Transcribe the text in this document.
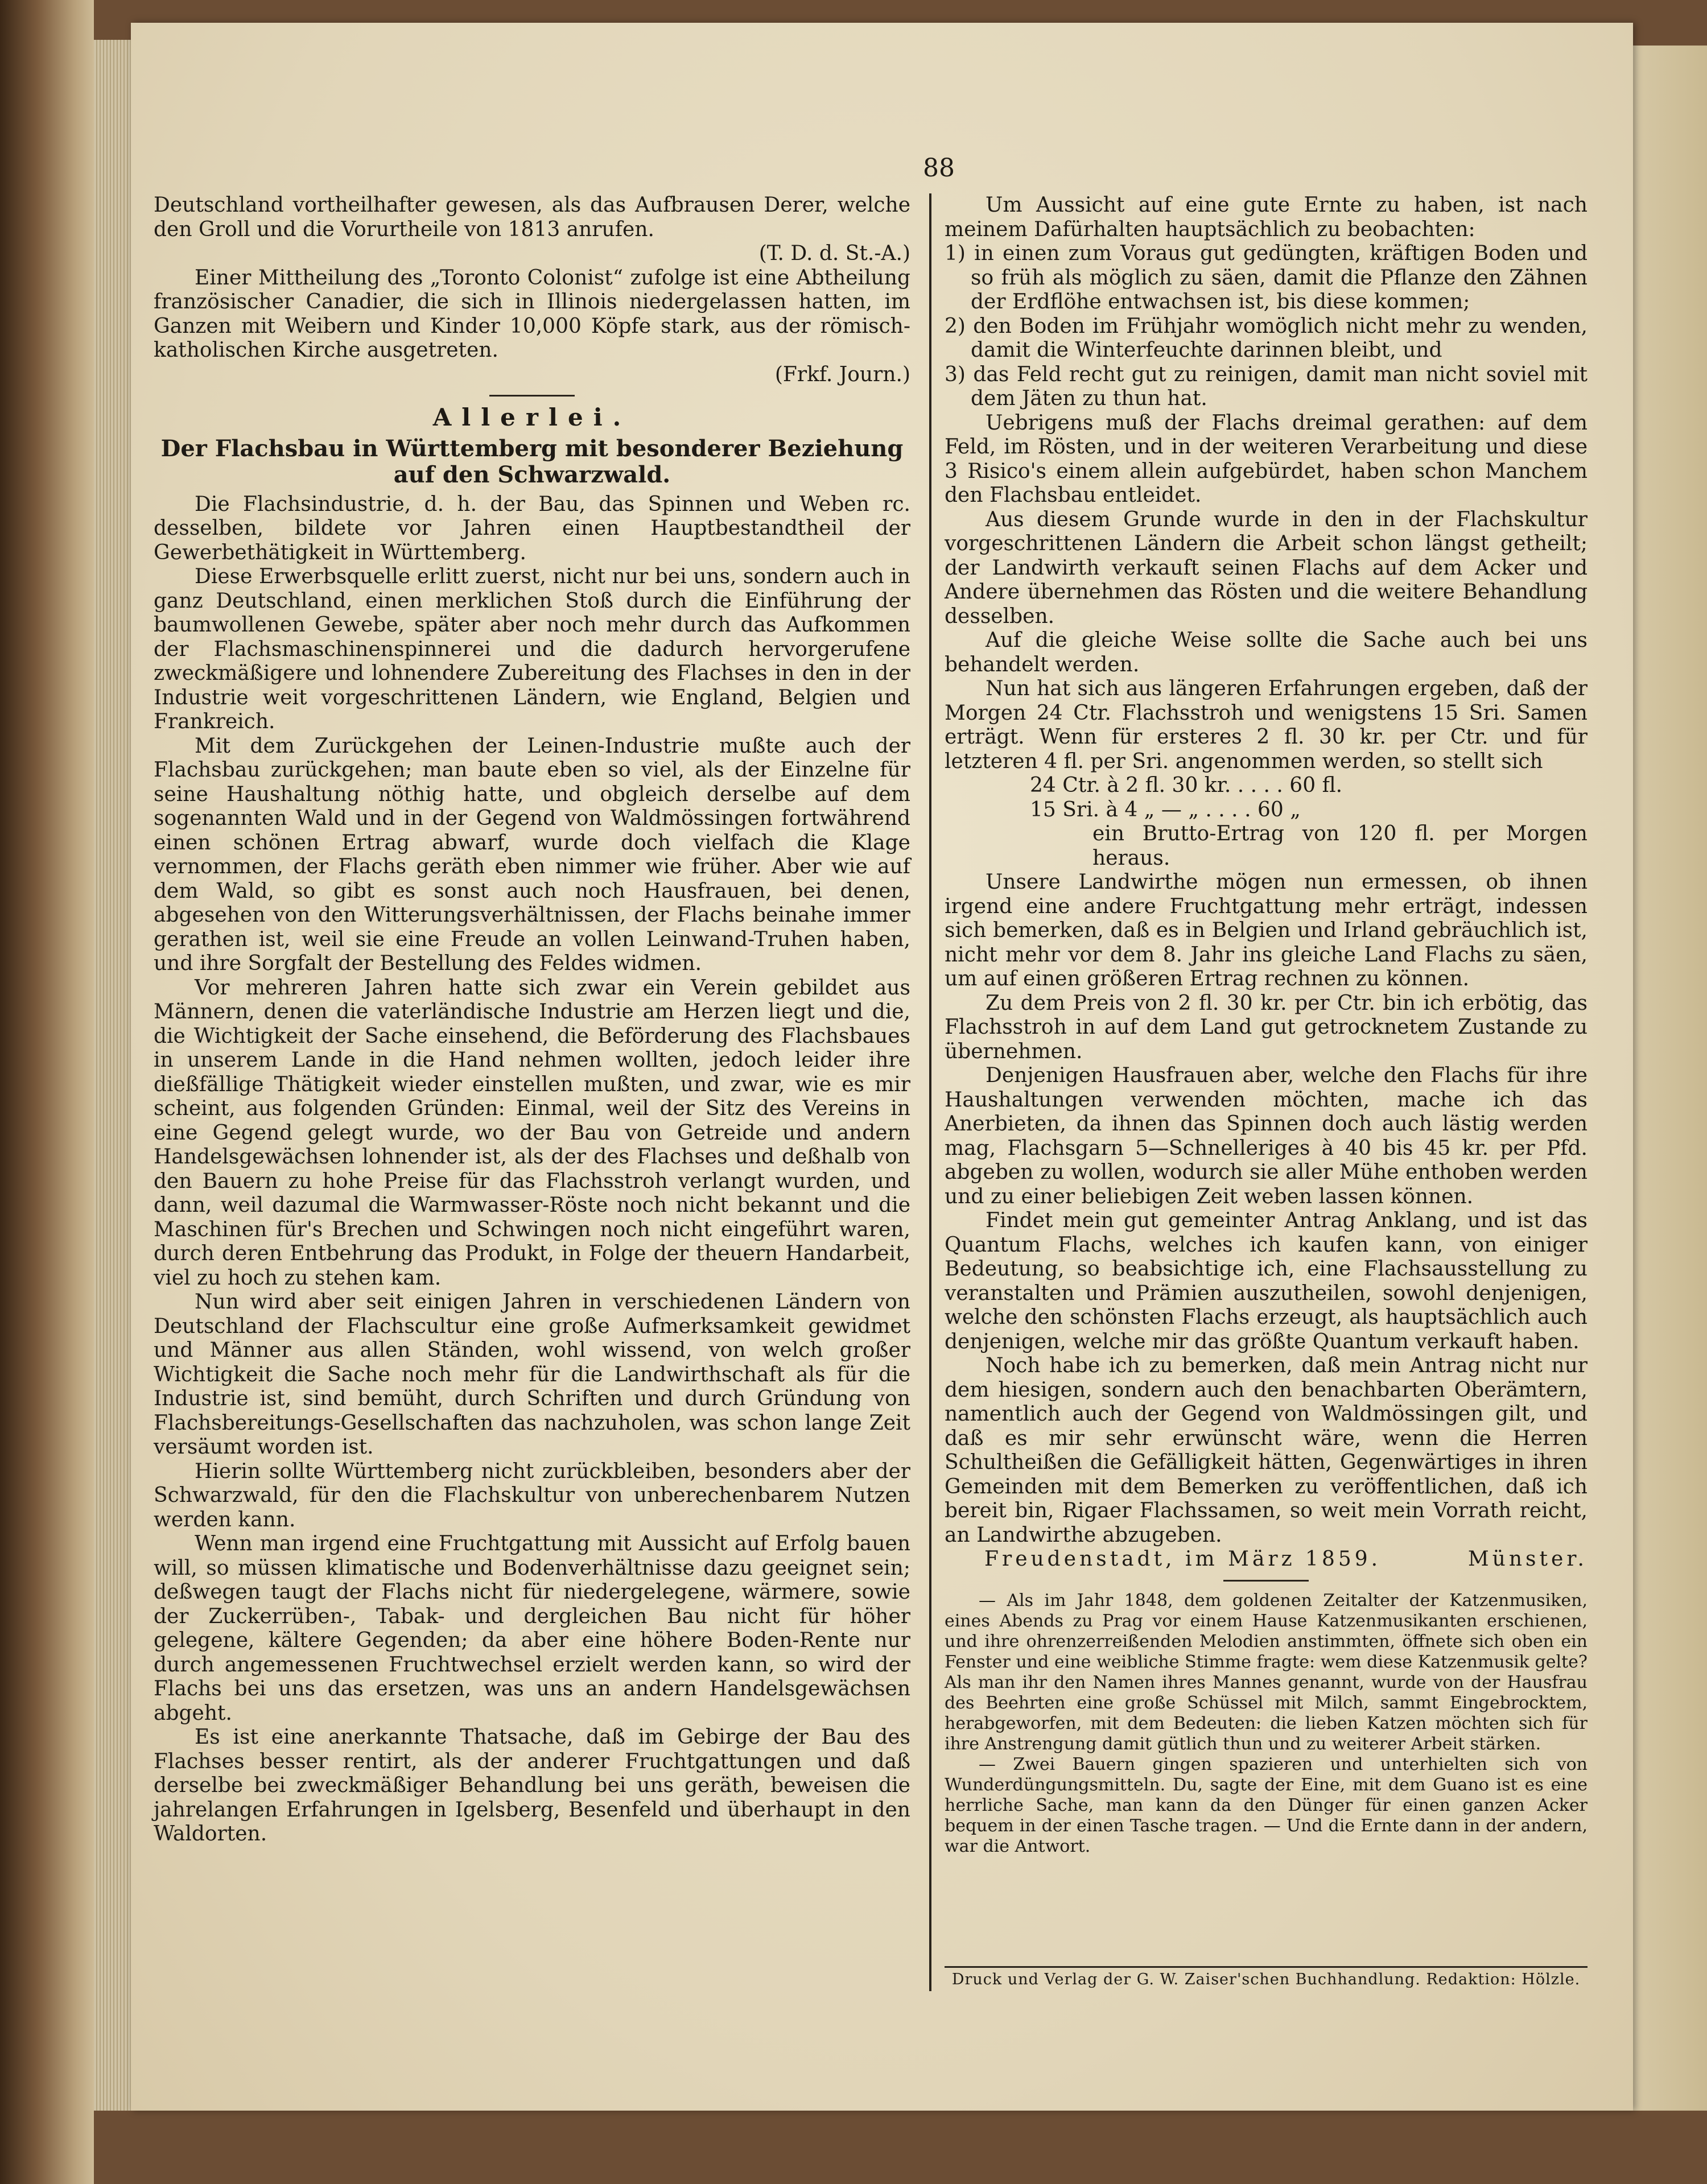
88

Deutschland vortheilhafter gewesen, als das Aufbrausen Derer, welche den Groll und die Vorurtheile von 1813 anrufen.

(T. D. d. St.-A.)

Einer Mittheilung des „Toronto Colonist“ zufolge ist eine Abtheilung französischer Canadier, die sich in Illinois niedergelassen hatten, im Ganzen mit Weibern und Kinder 10,000 Köpfe stark, aus der römisch-katholischen Kirche ausgetreten.

(Frkf. Journ.)

Allerlei.

Der Flachsbau in Württemberg mit besonderer Beziehung auf den Schwarzwald.

Die Flachsindustrie, d. h. der Bau, das Spinnen und Weben rc. desselben, bildete vor Jahren einen Hauptbestandtheil der Gewerbethätigkeit in Württemberg.

Diese Erwerbsquelle erlitt zuerst, nicht nur bei uns, sondern auch in ganz Deutschland, einen merklichen Stoß durch die Einführung der baumwollenen Gewebe, später aber noch mehr durch das Aufkommen der Flachsmaschinenspinnerei und die dadurch hervorgerufene zweckmäßigere und lohnendere Zubereitung des Flachses in den in der Industrie weit vorgeschrittenen Ländern, wie England, Belgien und Frankreich.

Mit dem Zurückgehen der Leinen-Industrie mußte auch der Flachsbau zurückgehen; man baute eben so viel, als der Einzelne für seine Haushaltung nöthig hatte, und obgleich derselbe auf dem sogenannten Wald und in der Gegend von Waldmössingen fortwährend einen schönen Ertrag abwarf, wurde doch vielfach die Klage vernommen, der Flachs geräth eben nimmer wie früher. Aber wie auf dem Wald, so gibt es sonst auch noch Hausfrauen, bei denen, abgesehen von den Witterungsverhältnissen, der Flachs beinahe immer gerathen ist, weil sie eine Freude an vollen Leinwand-Truhen haben, und ihre Sorgfalt der Bestellung des Feldes widmen.

Vor mehreren Jahren hatte sich zwar ein Verein gebildet aus Männern, denen die vaterländische Industrie am Herzen liegt und die, die Wichtigkeit der Sache einsehend, die Beförderung des Flachsbaues in unserem Lande in die Hand nehmen wollten, jedoch leider ihre dießfällige Thätigkeit wieder einstellen mußten, und zwar, wie es mir scheint, aus folgenden Gründen: Einmal, weil der Sitz des Vereins in eine Gegend gelegt wurde, wo der Bau von Getreide und andern Handelsgewächsen lohnender ist, als der des Flachses und deßhalb von den Bauern zu hohe Preise für das Flachsstroh verlangt wurden, und dann, weil dazumal die Warmwasser-Röste noch nicht bekannt und die Maschinen für's Brechen und Schwingen noch nicht eingeführt waren, durch deren Entbehrung das Produkt, in Folge der theuern Handarbeit, viel zu hoch zu stehen kam.

Nun wird aber seit einigen Jahren in verschiedenen Ländern von Deutschland der Flachscultur eine große Aufmerksamkeit gewidmet und Männer aus allen Ständen, wohl wissend, von welch großer Wichtigkeit die Sache noch mehr für die Landwirthschaft als für die Industrie ist, sind bemüht, durch Schriften und durch Gründung von Flachsbereitungs-Gesellschaften das nachzuholen, was schon lange Zeit versäumt worden ist.

Hierin sollte Württemberg nicht zurückbleiben, besonders aber der Schwarzwald, für den die Flachskultur von unberechenbarem Nutzen werden kann.

Wenn man irgend eine Fruchtgattung mit Aussicht auf Erfolg bauen will, so müssen klimatische und Bodenverhältnisse dazu geeignet sein; deßwegen taugt der Flachs nicht für niedergelegene, wärmere, sowie der Zuckerrüben-, Tabak- und dergleichen Bau nicht für höher gelegene, kältere Gegenden; da aber eine höhere Boden-Rente nur durch angemessenen Fruchtwechsel erzielt werden kann, so wird der Flachs bei uns das ersetzen, was uns an andern Handelsgewächsen abgeht.

Es ist eine anerkannte Thatsache, daß im Gebirge der Bau des Flachses besser rentirt, als der anderer Fruchtgattungen und daß derselbe bei zweckmäßiger Behandlung bei uns geräth, beweisen die jahrelangen Erfahrungen in Igelsberg, Besenfeld und überhaupt in den Waldorten.

Um Aussicht auf eine gute Ernte zu haben, ist nach meinem Dafürhalten hauptsächlich zu beobachten:

1) in einen zum Voraus gut gedüngten, kräftigen Boden und so früh als möglich zu säen, damit die Pflanze den Zähnen der Erdflöhe entwachsen ist, bis diese kommen;

2) den Boden im Frühjahr womöglich nicht mehr zu wenden, damit die Winterfeuchte darinnen bleibt, und

3) das Feld recht gut zu reinigen, damit man nicht soviel mit dem Jäten zu thun hat.

Uebrigens muß der Flachs dreimal gerathen: auf dem Feld, im Rösten, und in der weiteren Verarbeitung und diese 3 Risico's einem allein aufgebürdet, haben schon Manchem den Flachsbau entleidet.

Aus diesem Grunde wurde in den in der Flachskultur vorgeschrittenen Ländern die Arbeit schon längst getheilt; der Landwirth verkauft seinen Flachs auf dem Acker und Andere übernehmen das Rösten und die weitere Behandlung desselben.

Auf die gleiche Weise sollte die Sache auch bei uns behandelt werden.

Nun hat sich aus längeren Erfahrungen ergeben, daß der Morgen 24 Ctr. Flachsstroh und wenigstens 15 Sri. Samen erträgt. Wenn für ersteres 2 fl. 30 kr. per Ctr. und für letzteren 4 fl. per Sri. angenommen werden, so stellt sich

24 Ctr. à 2 fl. 30 kr. . . . . 60 fl.

15 Sri. à 4 „ — „ . . . . 60 „

ein Brutto-Ertrag von 120 fl. per Morgen heraus.

Unsere Landwirthe mögen nun ermessen, ob ihnen irgend eine andere Fruchtgattung mehr erträgt, indessen sich bemerken, daß es in Belgien und Irland gebräuchlich ist, nicht mehr vor dem 8. Jahr ins gleiche Land Flachs zu säen, um auf einen größeren Ertrag rechnen zu können.

Zu dem Preis von 2 fl. 30 kr. per Ctr. bin ich erbötig, das Flachsstroh in auf dem Land gut getrocknetem Zustande zu übernehmen.

Denjenigen Hausfrauen aber, welche den Flachs für ihre Haushaltungen verwenden möchten, mache ich das Anerbieten, da ihnen das Spinnen doch auch lästig werden mag, Flachsgarn 5—Schnelleriges à 40 bis 45 kr. per Pfd. abgeben zu wollen, wodurch sie aller Mühe enthoben werden und zu einer beliebigen Zeit weben lassen können.

Findet mein gut gemeinter Antrag Anklang, und ist das Quantum Flachs, welches ich kaufen kann, von einiger Bedeutung, so beabsichtige ich, eine Flachsausstellung zu veranstalten und Prämien auszutheilen, sowohl denjenigen, welche den schönsten Flachs erzeugt, als hauptsächlich auch denjenigen, welche mir das größte Quantum verkauft haben.

Noch habe ich zu bemerken, daß mein Antrag nicht nur dem hiesigen, sondern auch den benachbarten Oberämtern, namentlich auch der Gegend von Waldmössingen gilt, und daß es mir sehr erwünscht wäre, wenn die Herren Schultheißen die Gefälligkeit hätten, Gegenwärtiges in ihren Gemeinden mit dem Bemerken zu veröffentlichen, daß ich bereit bin, Rigaer Flachssamen, so weit mein Vorrath reicht, an Landwirthe abzugeben.

Freudenstadt, im März 1859.	Münster.

— Als im Jahr 1848, dem goldenen Zeitalter der Katzenmusiken, eines Abends zu Prag vor einem Hause Katzenmusikanten erschienen, und ihre ohrenzerreißenden Melodien anstimmten, öffnete sich oben ein Fenster und eine weibliche Stimme fragte: wem diese Katzenmusik gelte? Als man ihr den Namen ihres Mannes genannt, wurde von der Hausfrau des Beehrten eine große Schüssel mit Milch, sammt Eingebrocktem, herabgeworfen, mit dem Bedeuten: die lieben Katzen möchten sich für ihre Anstrengung damit gütlich thun und zu weiterer Arbeit stärken.

— Zwei Bauern gingen spazieren und unterhielten sich von Wunderdüngungsmitteln. Du, sagte der Eine, mit dem Guano ist es eine herrliche Sache, man kann da den Dünger für einen ganzen Acker bequem in der einen Tasche tragen. — Und die Ernte dann in der andern, war die Antwort.

Druck und Verlag der G. W. Zaiser'schen Buchhandlung. Redaktion: Hölzle.
